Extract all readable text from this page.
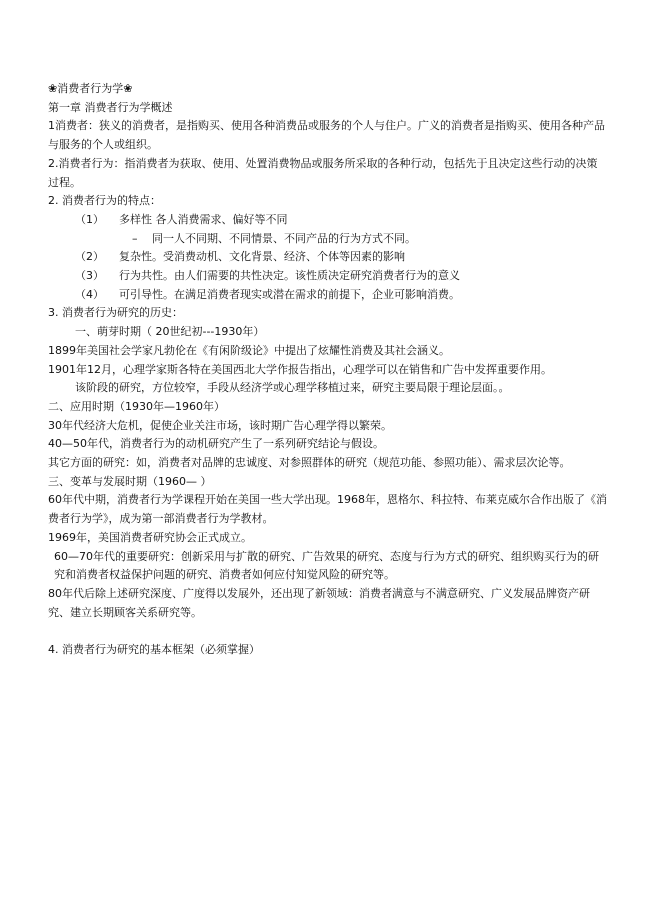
❀消费者行为学❀
第一章 消费者行为学概述
1消费者：狭义的消费者，是指购买、使用各种消费品或服务的个人与住户。广义的消费者是指购买、使用各种产品与服务的个人或组织。
2.消费者行为：指消费者为获取、使用、处置消费物品或服务所采取的各种行动，包括先于且决定这些行动的决策过程。
2. 消费者行为的特点：
（1）	多样性 各人消费需求、偏好等不同
– 同一人不同期、不同情景、不同产品的行为方式不同。
（2）	复杂性。受消费动机、文化背景、经济、个体等因素的影响
（3）	行为共性。由人们需要的共性决定。该性质决定研究消费者行为的意义
（4）	可引导性。在满足消费者现实或潜在需求的前提下，企业可影响消费。
3. 消费者行为研究的历史：
一、萌芽时期（ 20世纪初---1930年）
1899年美国社会学家凡勃伦在《有闲阶级论》中提出了炫耀性消费及其社会涵义。
1901年12月，心理学家斯各特在美国西北大学作报告指出，心理学可以在销售和广告中发挥重要作用。
该阶段的研究，方位较窄，手段从经济学或心理学移植过来，研究主要局限于理论层面。。
二、应用时期（1930年—1960年）
30年代经济大危机，促使企业关注市场，该时期广告心理学得以繁荣。
40—50年代，消费者行为的动机研究产生了一系列研究结论与假设。
其它方面的研究：如，消费者对品牌的忠诚度、对参照群体的研究（规范功能、参照功能）、需求层次论等。
三、变革与发展时期（1960— ）
60年代中期，消费者行为学课程开始在美国一些大学出现。1968年，恩格尔、科拉特、布莱克威尔合作出版了《消费者行为学》，成为第一部消费者行为学教材。
1969年，美国消费者研究协会正式成立。
60—70年代的重要研究：创新采用与扩散的研究、广告效果的研究、态度与行为方式的研究、组织购买行为的研究和消费者权益保护问题的研究、消费者如何应付知觉风险的研究等。
80年代后除上述研究深度、广度得以发展外，还出现了新领域：消费者满意与不满意研究、广义发展品牌资产研究、建立长期顾客关系研究等。
4. 消费者行为研究的基本框架（必须掌握）
